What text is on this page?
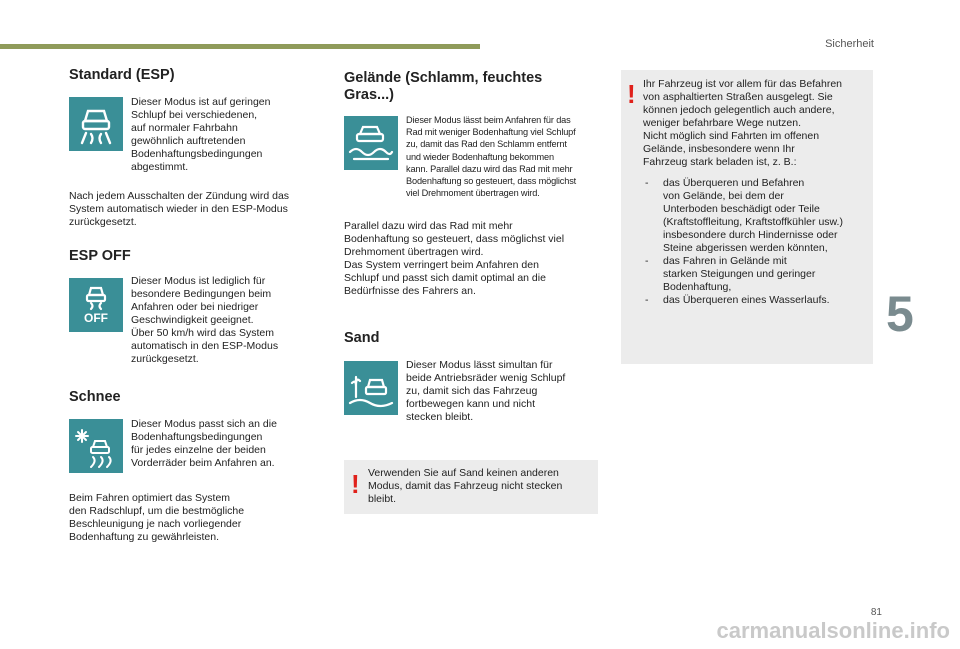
Sicherheit
Standard (ESP)

Dieser Modus ist auf geringen
Schlupf bei verschiedenen,
auf normaler Fahrbahn
gewöhnlich auftretenden
Bodenhaftungsbedingungen
abgestimmt.

Nach jedem Ausschalten der Zündung wird das
System automatisch wieder in den ESP-Modus
zurückgesetzt.

ESP OFF
OFF

Dieser Modus ist lediglich für
besondere Bedingungen beim
Anfahren oder bei niedriger
Geschwindigkeit geeignet.
Über 50 km/h wird das System
automatisch in den ESP-Modus
zurückgesetzt.

Schnee

Dieser Modus passt sich an die
Bodenhaftungsbedingungen
für jedes einzelne der beiden
Vorderräder beim Anfahren an.

Beim Fahren optimiert das System
den Radschlupf, um die bestmögliche
Beschleunigung je nach vorliegender
Bodenhaftung zu gewährleisten.

Gelände (Schlamm, feuchtes
Gras...)

Dieser Modus lässt beim Anfahren für das
Rad mit weniger Bodenhaftung viel Schlupf
zu, damit das Rad den Schlamm entfernt
und wieder Bodenhaftung bekommen
kann. Parallel dazu wird das Rad mit mehr
Bodenhaftung so gesteuert, dass möglichst
viel Drehmoment übertragen wird.

Parallel dazu wird das Rad mit mehr
Bodenhaftung so gesteuert, dass möglichst viel
Drehmoment übertragen wird.
Das System verringert beim Anfahren den
Schlupf und passt sich damit optimal an die
Bedürfnisse des Fahrers an.

Sand

Dieser Modus lässt simultan für
beide Antriebsräder wenig Schlupf
zu, damit sich das Fahrzeug
fortbewegen kann und nicht
stecken bleibt.

! Verwenden Sie auf Sand keinen anderen
Modus, damit das Fahrzeug nicht stecken
bleibt.

! Ihr Fahrzeug ist vor allem für das Befahren
von asphaltierten Straßen ausgelegt. Sie
können jedoch gelegentlich auch andere,
weniger befahrbare Wege nutzen.
Nicht möglich sind Fahrten im offenen
Gelände, insbesondere wenn Ihr
Fahrzeug stark beladen ist, z. B.:

- das Überqueren und Befahren
von Gelände, bei dem der
Unterboden beschädigt oder Teile
(Kraftstoffleitung, Kraftstoffkühler usw.)
insbesondere durch Hindernisse oder
Steine abgerissen werden könnten,
- das Fahren in Gelände mit
starken Steigungen und geringer
Bodenhaftung,
- das Überqueren eines Wasserlaufs.	5
81
carmanualsonline.info
